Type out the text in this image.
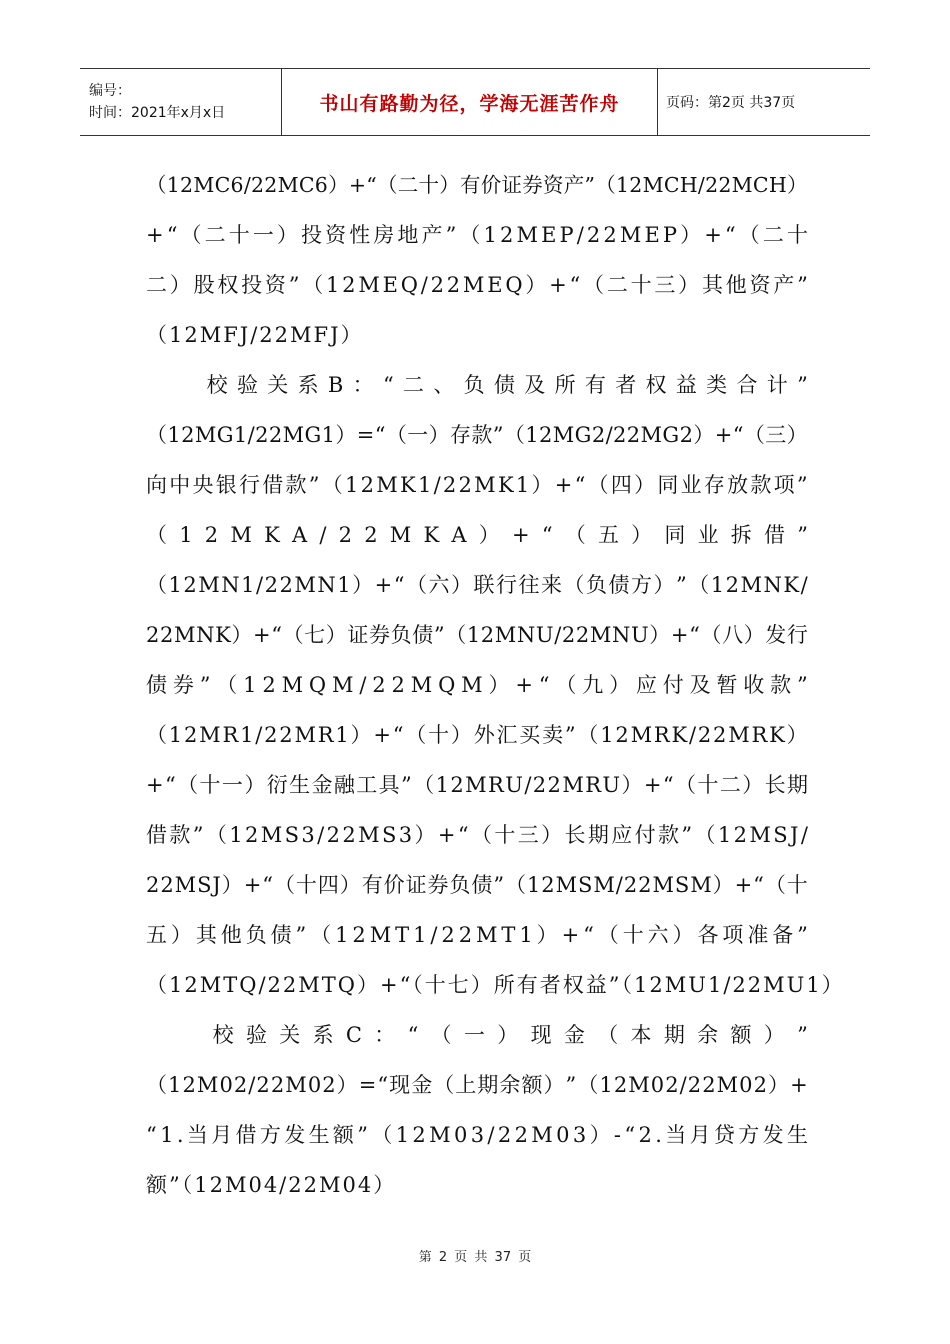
编号：
时间：2021年x月x日	书山有路勤为径，学海无涯苦作舟	页码：第2页 共37页
（ 1 2 M C 6 / 2 2 M C 6 ） + “ （ 二 十 ） 有 价 证 券 资 产 ” （ 1 2 M C H / 2 2 M C H ）
+ “ （ 二 十 一 ） 投 资 性 房 地 产 ” （ 1 2 M E P / 2 2 M E P ） + “ （ 二 十
二 ） 股 权 投 资 ” （ 1 2 M E Q / 2 2 M E Q ） + “ （ 二 十 三 ） 其 他 资 产 ”
（12MFJ/22MFJ）

校 验 关 系 B ： “ 二 、 负 债 及 所 有 者 权 益 类 合 计 ”
（ 1 2 M G 1 / 2 2 M G 1 ） = “ （ 一 ） 存 款 ” （ 1 2 M G 2 / 2 2 M G 2 ） + “ （ 三 ）
向 中 央 银 行 借 款 ” （ 1 2 M K 1 / 2 2 M K 1 ） + “ （ 四 ） 同 业 存 放 款 项 ”
（ 1 2 M K A / 2 2 M K A ） + “ （ 五 ） 同 业 拆 借 ”
（ 1 2 M N 1 / 2 2 M N 1 ） + “ （ 六 ） 联 行 往 来 （ 负 债 方 ） ” （ 1 2 M N K /
2 2 M N K ） + “ （ 七 ） 证 券 负 债 ” （ 1 2 M N U / 2 2 M N U ） + “ （ 八 ） 发 行
债 券 ” （ 1 2 M Q M / 2 2 M Q M ） + “ （ 九 ） 应 付 及 暂 收 款 ”
（ 1 2 M R 1 / 2 2 M R 1 ） + “ （ 十 ） 外 汇 买 卖 ” （ 1 2 M R K / 2 2 M R K ）
+ “ （ 十 一 ） 衍 生 金 融 工 具 ” （ 1 2 M R U / 2 2 M R U ） + “ （ 十 二 ） 长 期
借 款 ” （ 1 2 M S 3 / 2 2 M S 3 ） + “ （ 十 三 ） 长 期 应 付 款 ” （ 1 2 M S J /
2 2 M S J ） + “ （ 十 四 ） 有 价 证 券 负 债 ” （ 1 2 M S M / 2 2 M S M ） + “ （ 十
五 ） 其 他 负 债 ” （ 1 2 M T 1 / 2 2 M T 1 ） + “ （ 十 六 ） 各 项 准 备 ”
（12MTQ/22MTQ）+“（十七）所有者权益”（12MU1/22MU1）

校 验 关 系 C ： “ （ 一 ） 现 金 （ 本 期 余 额 ） ”
（ 1 2 M 0 2 / 2 2 M 0 2 ） = “ 现 金 （ 上 期 余 额 ） ” （ 1 2 M 0 2 / 2 2 M 0 2 ） +
“ 1 . 当 月 借 方 发 生 额 ” （ 1 2 M 0 3 / 2 2 M 0 3 ） - “ 2 . 当 月 贷 方 发 生
额”（12M04/22M04）
第 2 页 共 37 页
